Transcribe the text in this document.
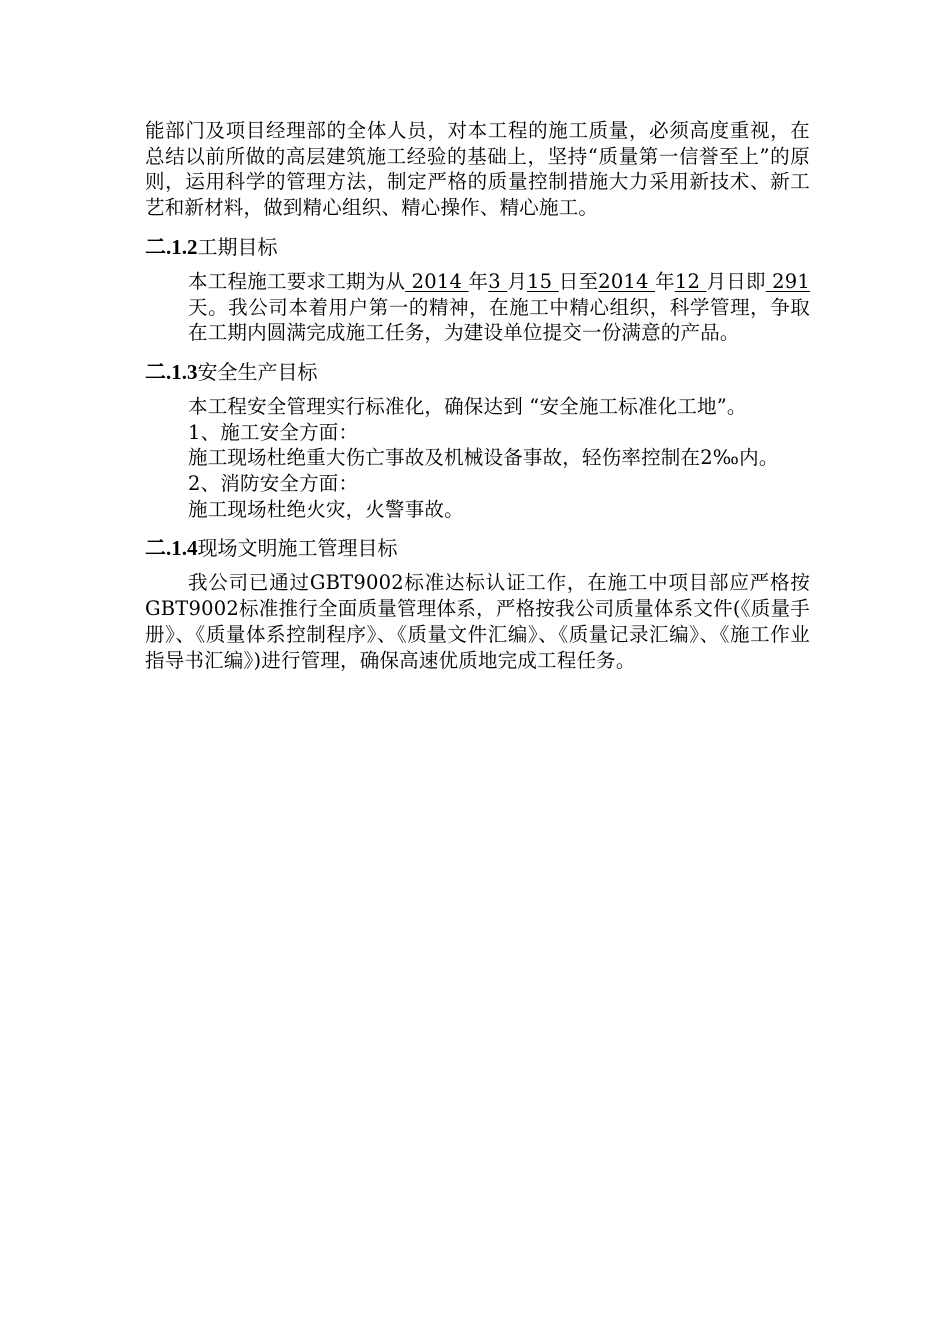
能部门及项目经理部的全体人员，对本工程的施工质量，必须高度重视，在总结以前所做的高层建筑施工经验的基础上，坚持“质量第一信誉至上”的原则，运用科学的管理方法，制定严格的质量控制措施大力采用新技术、新工艺和新材料，做到精心组织、精心操作、精心施工。

二.1.2工期目标

本工程施工要求工期为从 2014 年3 月15 日至2014 年12 月日即 291 天。我公司本着用户第一的精神，在施工中精心组织，科学管理，争取在工期内圆满完成施工任务，为建设单位提交一份满意的产品。

二.1.3安全生产目标

本工程安全管理实行标准化，确保达到 “安全施工标准化工地”。

1、施工安全方面：

施工现场杜绝重大伤亡事故及机械设备事故，轻伤率控制在2‰内。

2、消防安全方面：

施工现场杜绝火灾，火警事故。

二.1.4现场文明施工管理目标

我公司已通过GBT9002标准达标认证工作，在施工中项目部应严格按GBT9002标准推行全面质量管理体系，严格按我公司质量体系文件(《质量手册》、《质量体系控制程序》、《质量文件汇编》、《质量记录汇编》、《施工作业指导书汇编》)进行管理，确保高速优质地完成工程任务。
